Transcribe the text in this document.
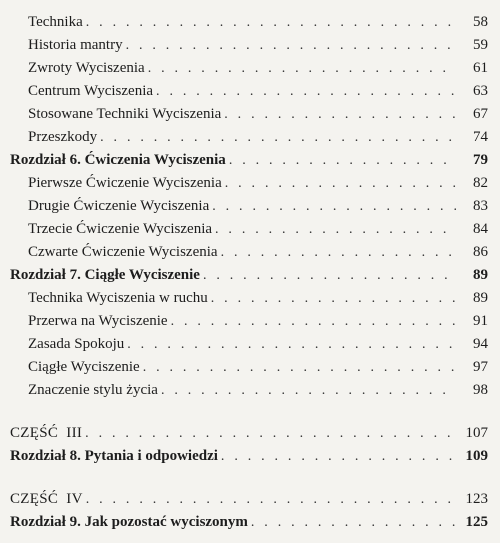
Technika . . .	58
Historia mantry . . .	59
Zwroty Wyciszenia . . .	61
Centrum Wyciszenia . . .	63
Stosowane Techniki Wyciszenia . . .	67
Przeszkody . . .	74
Rozdział 6. Ćwiczenia Wyciszenia . . .	79
Pierwsze Ćwiczenie Wyciszenia . . .	82
Drugie Ćwiczenie Wyciszenia . . .	83
Trzecie Ćwiczenie Wyciszenia . . .	84
Czwarte Ćwiczenie Wyciszenia . . .	86
Rozdział 7. Ciągłe Wyciszenie . . .	89
Technika Wyciszenia w ruchu . . .	89
Przerwa na Wyciszenie . . .	91
Zasada Spokoju . . .	94
Ciągłe Wyciszenie . . .	97
Znaczenie stylu życia . . .	98
CZĘŚĆ  III . . .	107
Rozdział 8. Pytania i odpowiedzi . . .	109
CZĘŚĆ  IV . . .	123
Rozdział 9. Jak pozostać wyciszonym . . .	125
